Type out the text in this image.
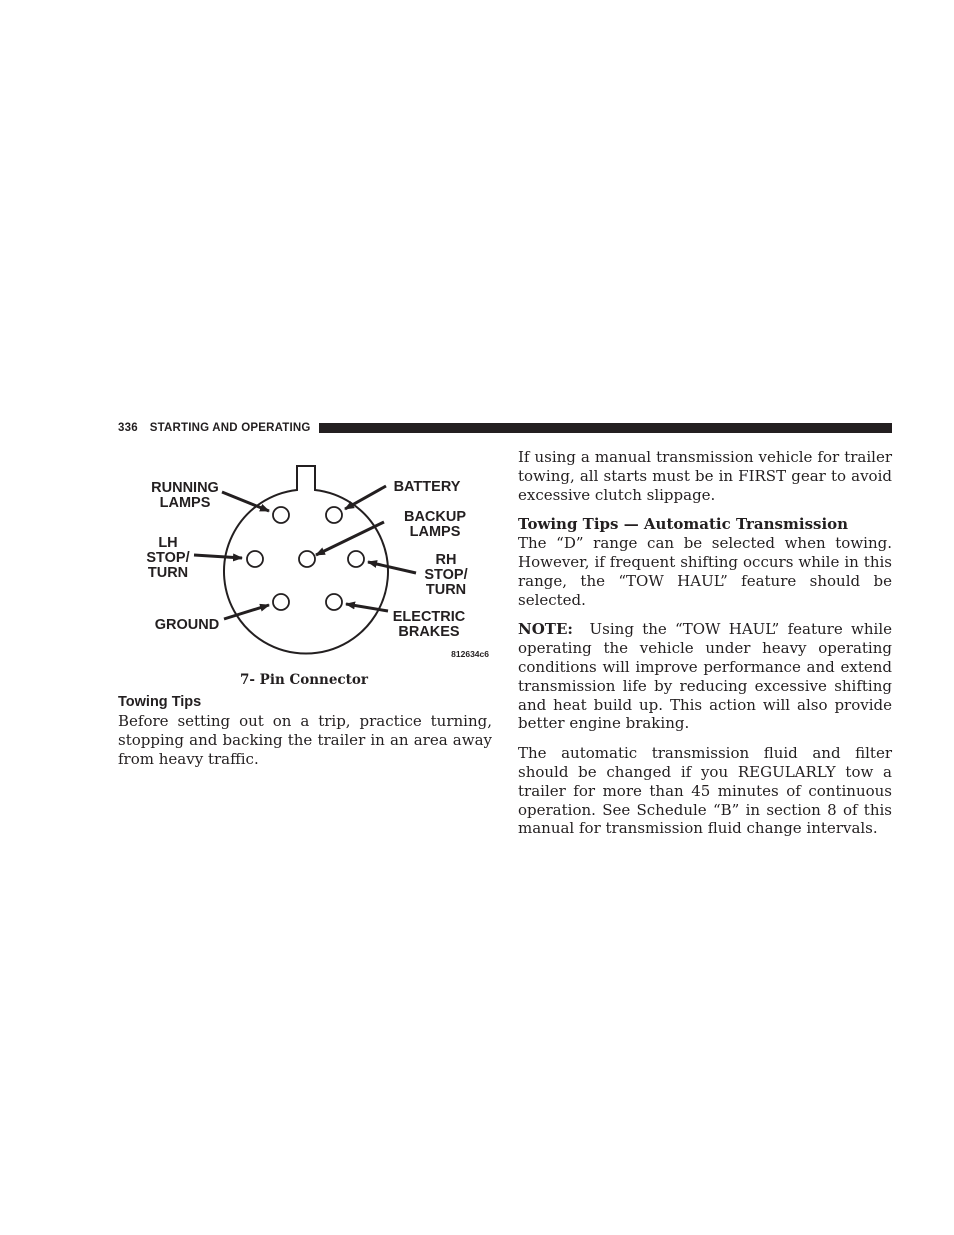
336 STARTING AND OPERATING
RUNNING
LAMPS
LH
STOP/
TURN
GROUND
BATTERY
BACKUP
LAMPS
RH
STOP/
TURN
ELECTRIC
BRAKES
812634c6
7- Pin Connector
Towing Tips

Before setting out on a trip, practice turning, stopping and backing the trailer in an area away from heavy traffic.

If using a manual transmission vehicle for trailer towing, all starts must be in FIRST gear to avoid excessive clutch slippage.

Towing Tips — Automatic Transmission

The “D” range can be selected when towing. However, if frequent shifting occurs while in this range, the “TOW HAUL” feature should be selected.

NOTE: Using the “TOW HAUL” feature while operating the vehicle under heavy operating conditions will improve performance and extend transmission life by reducing excessive shifting and heat build up. This action will also provide better engine braking.

The automatic transmission fluid and filter should be changed if you REGULARLY tow a trailer for more than 45 minutes of continuous operation. See Schedule “B” in section 8 of this manual for transmission fluid change intervals.
